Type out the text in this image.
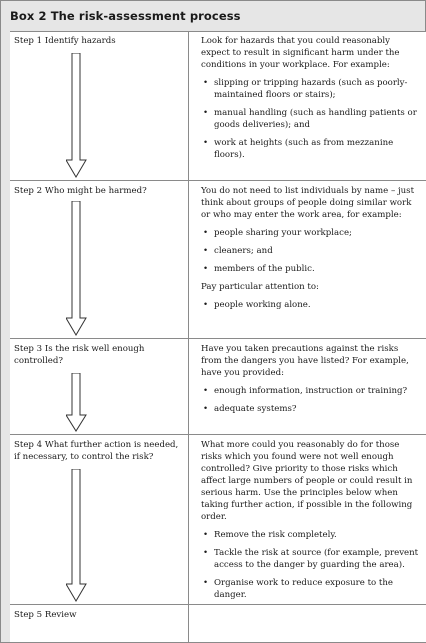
Box 2 The risk-assessment process
Step 1 Identify hazards	Look for hazards that you could reasonably expect to result in significant harm under the conditions in your workplace. For example:

• slipping or tripping hazards (such as poorly-maintained floors or stairs);
• manual handling (such as handling patients or goods deliveries); and
• work at heights (such as from mezzanine floors).
Step 2 Who might be harmed?	You do not need to list individuals by name – just think about groups of people doing similar work or who may enter the work area, for example:

• people sharing your workplace;
• cleaners; and
• members of the public.

Pay particular attention to:

• people working alone.
Step 3 Is the risk well enough controlled?

Have you taken precautions against the risks from the dangers you have listed? For example, have you provided:

• enough information, instruction or training?
• adequate systems?
Step 4 What further action is needed, if necessary, to control the risk?

What more could you reasonably do for those risks which you found were not well enough controlled? Give priority to those risks which affect large numbers of people or could result in serious harm. Use the principles below when taking further action, if possible in the following order.

• Remove the risk completely.
• Tackle the risk at source (for example, prevent access to the danger by guarding the area).
• Organise work to reduce exposure to the danger.
Step 5 Review
